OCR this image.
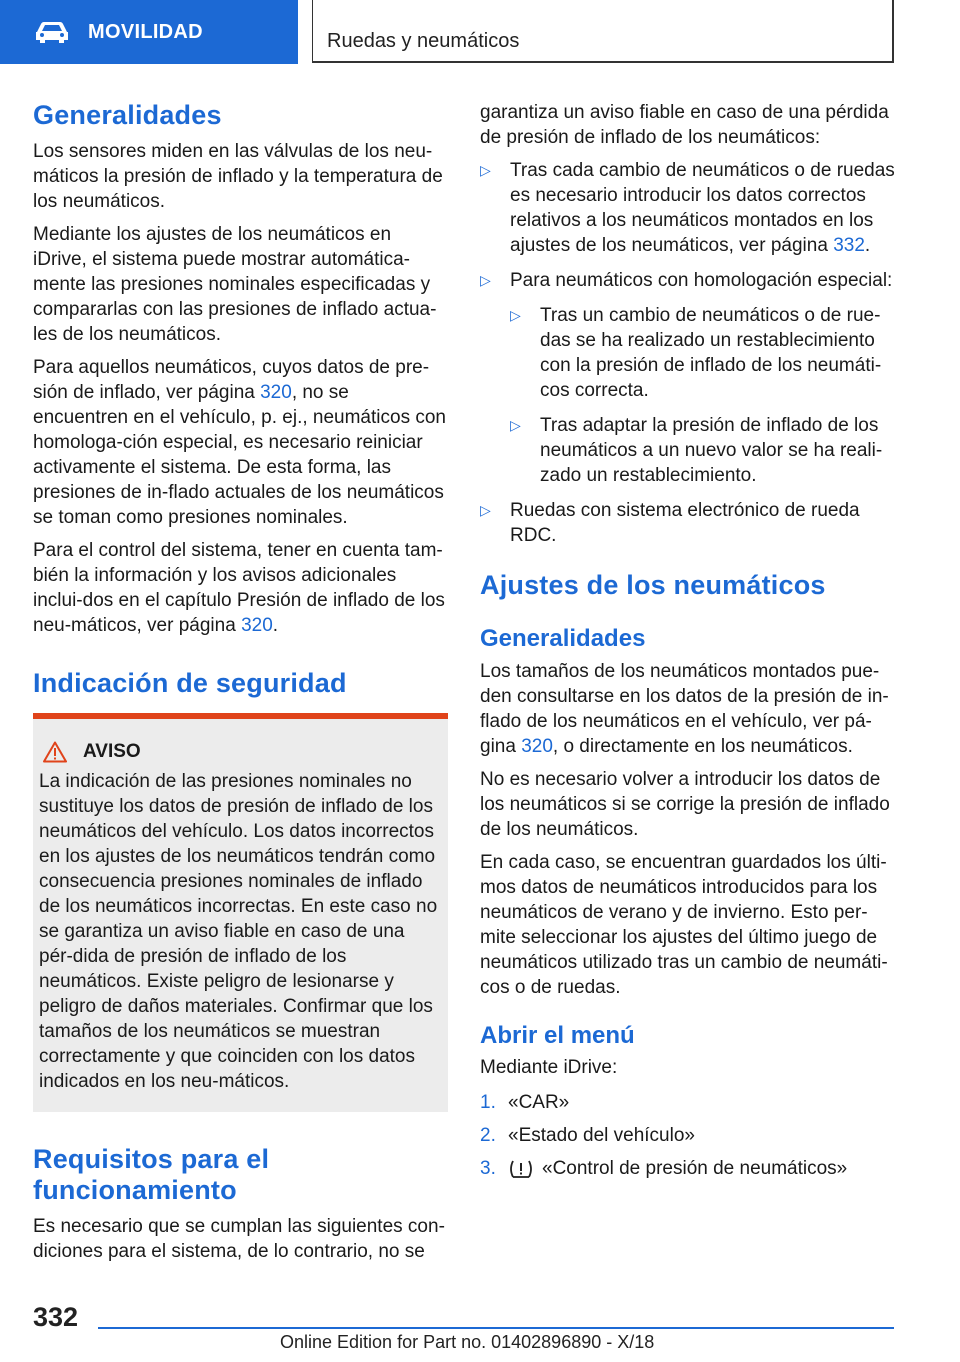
MOVILIDAD	Ruedas y neumáticos
Generalidades

Los sensores miden en las válvulas de los neu-máticos la presión de inflado y la temperatura de los neumáticos.

Mediante los ajustes de los neumáticos en iDrive, el sistema puede mostrar automática-mente las presiones nominales especificadas y compararlas con las presiones de inflado actua-les de los neumáticos.

Para aquellos neumáticos, cuyos datos de pre-sión de inflado, ver página 320, no se encuentren en el vehículo, p. ej., neumáticos con homologa-ción especial, es necesario reiniciar activamente el sistema. De esta forma, las presiones de in-flado actuales de los neumáticos se toman como presiones nominales.

Para el control del sistema, tener en cuenta tam-bién la información y los avisos adicionales inclui-dos en el capítulo Presión de inflado de los neu-máticos, ver página 320.

Indicación de seguridad
AVISO

La indicación de las presiones nominales no sustituye los datos de presión de inflado de los neumáticos del vehículo. Los datos incorrectos en los ajustes de los neumáticos tendrán como consecuencia presiones nominales de inflado de los neumáticos incorrectas. En este caso no se garantiza un aviso fiable en caso de una pér-dida de presión de inflado de los neumáticos. Existe peligro de lesionarse y peligro de daños materiales. Confirmar que los tamaños de los neumáticos se muestran correctamente y que coinciden con los datos indicados en los neu-máticos.

Requisitos para el funcionamiento

Es necesario que se cumplan las siguientes con-diciones para el sistema, de lo contrario, no se

garantiza un aviso fiable en caso de una pérdida de presión de inflado de los neumáticos:

▷ Tras cada cambio de neumáticos o de ruedas es necesario introducir los datos correctos relativos a los neumáticos montados en los ajustes de los neumáticos, ver página 332.
▷ Para neumáticos con homologación especial:
▷ Tras un cambio de neumáticos o de rue-das se ha realizado un restablecimiento con la presión de inflado de los neumáti-cos correcta.
▷ Tras adaptar la presión de inflado de los neumáticos a un nuevo valor se ha reali-zado un restablecimiento.
▷ Ruedas con sistema electrónico de rueda RDC.
Ajustes de los neumáticos
Generalidades

Los tamaños de los neumáticos montados pue-den consultarse en los datos de la presión de in-flado de los neumáticos en el vehículo, ver pá-gina 320, o directamente en los neumáticos.

No es necesario volver a introducir los datos de los neumáticos si se corrige la presión de inflado de los neumáticos.

En cada caso, se encuentran guardados los últi-mos datos de neumáticos introducidos para los neumáticos de verano y de invierno. Esto per-mite seleccionar los ajustes del último juego de neumáticos utilizado tras un cambio de neumáti-cos o de ruedas.

Abrir el menú

Mediante iDrive:

1. «CAR»
2. «Estado del vehículo»
3.	«Control de presión de neumáticos»
332
Online Edition for Part no. 01402896890 - X/18
